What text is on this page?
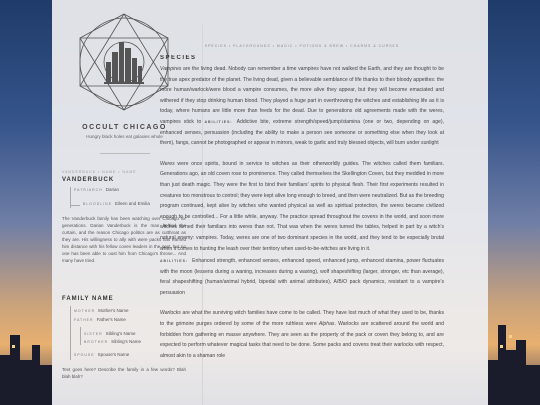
OCCULT CHICAGO
Hungry black holes eat galaxies whole
VANDERBUCK • NAME • NAME
VANDERBUCK
PATRIARCH Darian
BLOODLINE Eileen and Emilia
The Vanderbuck family has been watching over Chicago for generations. Darian Vanderbuck is the man behind the curtain, and the reason Chicago politics are as cutthroat as they are. His willingness to ally with were packs has earned him distance with his fellow coven leaders in the past, but no one has been able to oust him from Chicago's throne... And many have tried.
FAMILY NAME
MOTHER Mother's Name
FATHER Father's Name
SISTER Sibling's Name
BROTHER Sibling's Name
SPOUSE Spouse's Name
Text goes here? Describe the family in a few words? Blah blah blah?
SPECIES • PLAYGROUNDS • MAGIC • POTIONS & BREW • CHARMS & CURSES
SPECIES

Vampires are the living dead. Nobody can remember a time vampires have not walked the Earth, and they are thought to be the true apex predator of the planet. The living dead, given a believable semblance of life thanks to their bloody appetites: the more human/warlock/were blood a vampire consumes, the more alive they appear, but they will become emaciated and withered if they stop drinking human blood. They played a huge part in overthrowing the witches and establishing life as it is today, where humans are little more than feeds for the dead. Due to generations old agreements made with the weres, vampires stick to ABILITIES: Addictive bite, extreme strength/speed/jump/stamina (one or two, depending on age), enhanced senses, persuasion (including the ability to make a person see someone or something else when they look at them), fangs, cannot be photographed or appear in mirrors, weak to garlic and truly blessed objects, will burn under sunlight

Weres were once spirits, bound in service to witches as their otherworldly guides. The witches called them familiars. Generations ago, an old coven rose to prominence. They called themselves the Skellington Coven, but they meddled in more than just death magic. They were the first to bind their familiars' spirits to physical flesh. Their first experiments resulted in creatures too monstrous to control; they were kept alive long enough to breed, and then were neutralized. But as the breeding program continued, kept alive by witches who wanted physical as well as spiritual protection, the weres became civilized enough to be controlled... For a little while, anyway. The practice spread throughout the covens in the world, and soon more witches turned their familiars into weres than not. That was when the weres turned the tables, helped in part by a witch's natural enemy: vampires. Today, weres are one of two dominant species in the world, and they tend to be especially brutal when it comes to hunting the leash over their territory when used-to-be-witches are living in it.

ABILITIES: Enhanced strength, enhanced senses, enhanced speed, enhanced jump, enhanced stamina, power fluctuates with the moon (lessens during a waning, increases during a waxing), wolf shapeshifting (larger, stronger, etc than average), feral shapeshifting (human/animal hybrid, bipedal with animal attributes), A/B/O pack dynamics, resistant to a vampire's persuasion

Warlocks are what the surviving witch families have come to be called. They have lost much of what they used to be, thanks to the grimoire purges ordered by some of the more ruthless were Alphas. Warlocks are scattered around the world and forbidden from gathering en masse anywhere. They are seen as the property of the pack or coven they belong to, and are expected to perform whatever magical tasks that need to be done. Some packs and covens treat their warlocks with respect, almost akin to a shaman role
